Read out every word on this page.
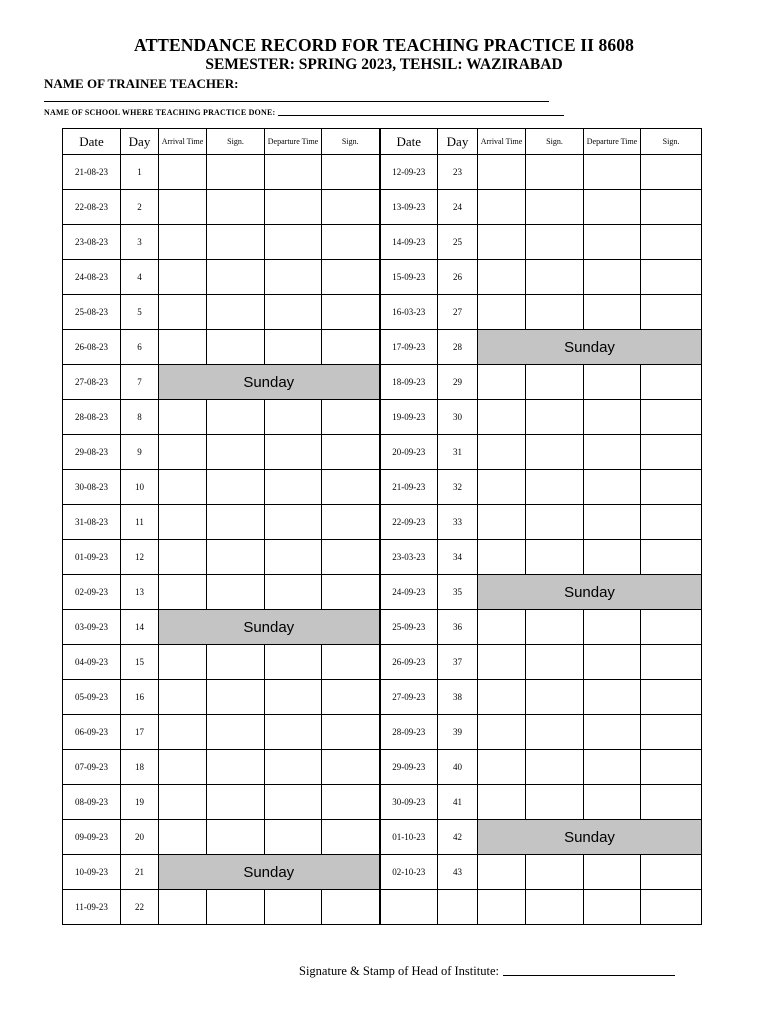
ATTENDANCE RECORD FOR TEACHING PRACTICE II 8608
SEMESTER: SPRING 2023, TEHSIL: WAZIRABAD
NAME OF TRAINEE TEACHER:
NAME OF SCHOOL WHERE TEACHING PRACTICE DONE:
Date	Day	Arrival Time	Sign.	Departure Time	Sign.	Date	Day	Arrival Time	Sign.	Departure Time	Sign.
21-08-23	1					12-09-23	23				
22-08-23	2					13-09-23	24				
23-08-23	3					14-09-23	25				
24-08-23	4					15-09-23	26				
25-08-23	5					16-03-23	27				
26-08-23	6					17-09-23	28	Sunday			
27-08-23	7	Sunday				18-09-23	29				
28-08-23	8					19-09-23	30				
29-08-23	9					20-09-23	31				
30-08-23	10					21-09-23	32				
31-08-23	11					22-09-23	33				
01-09-23	12					23-03-23	34				
02-09-23	13					24-09-23	35	Sunday			
03-09-23	14	Sunday				25-09-23	36				
04-09-23	15					26-09-23	37				
05-09-23	16					27-09-23	38				
06-09-23	17					28-09-23	39				
07-09-23	18					29-09-23	40				
08-09-23	19					30-09-23	41				
09-09-23	20					01-10-23	42	Sunday			
10-09-23	21	Sunday				02-10-23	43				
11-09-23	22										
Signature & Stamp of Head of Institute:
